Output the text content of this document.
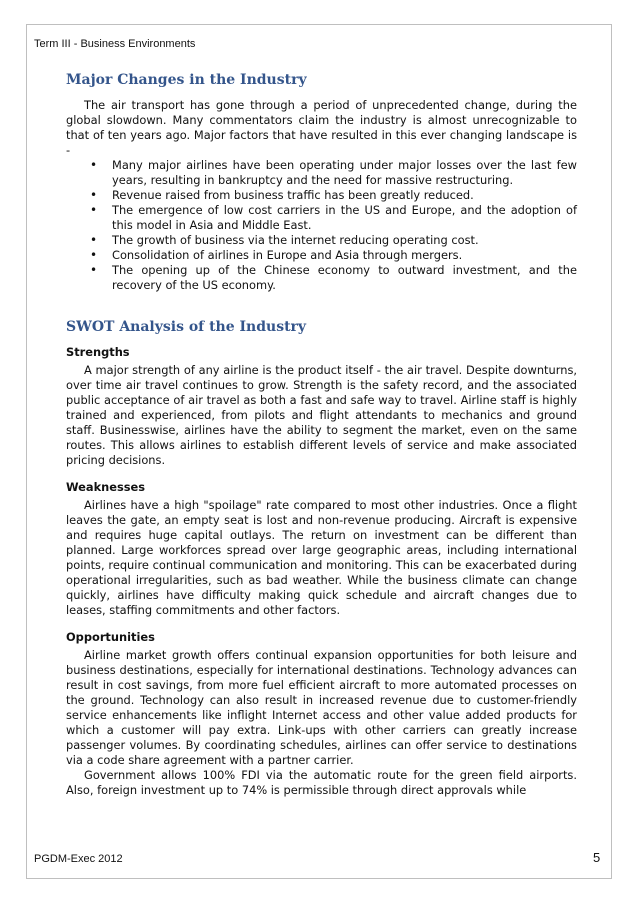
Term III - Business Environments
Major Changes in the Industry

The air transport has gone through a period of unprecedented change, during the global slowdown. Many commentators claim the industry is almost unrecognizable to that of ten years ago. Major factors that have resulted in this ever changing landscape is -

• Many major airlines have been operating under major losses over the last few years, resulting in bankruptcy and the need for massive restructuring.
• Revenue raised from business traffic has been greatly reduced.
• The emergence of low cost carriers in the US and Europe, and the adoption of this model in Asia and Middle East.
• The growth of business via the internet reducing operating cost.
• Consolidation of airlines in Europe and Asia through mergers.
• The opening up of the Chinese economy to outward investment, and the recovery of the US economy.
SWOT Analysis of the Industry

Strengths

A major strength of any airline is the product itself - the air travel. Despite downturns, over time air travel continues to grow. Strength is the safety record, and the associated public acceptance of air travel as both a fast and safe way to travel. Airline staff is highly trained and experienced, from pilots and flight attendants to mechanics and ground staff. Businesswise, airlines have the ability to segment the market, even on the same routes. This allows airlines to establish different levels of service and make associated pricing decisions.

Weaknesses

Airlines have a high "spoilage" rate compared to most other industries. Once a flight leaves the gate, an empty seat is lost and non-revenue producing. Aircraft is expensive and requires huge capital outlays. The return on investment can be different than planned. Large workforces spread over large geographic areas, including international points, require continual communication and monitoring. This can be exacerbated during operational irregularities, such as bad weather. While the business climate can change quickly, airlines have difficulty making quick schedule and aircraft changes due to leases, staffing commitments and other factors.

Opportunities

Airline market growth offers continual expansion opportunities for both leisure and business destinations, especially for international destinations. Technology advances can result in cost savings, from more fuel efficient aircraft to more automated processes on the ground. Technology can also result in increased revenue due to customer-friendly service enhancements like inflight Internet access and other value added products for which a customer will pay extra. Link-ups with other carriers can greatly increase passenger volumes. By coordinating schedules, airlines can offer service to destinations via a code share agreement with a partner carrier.

Government allows 100% FDI via the automatic route for the green field airports. Also, foreign investment up to 74% is permissible through direct approvals while

PGDM-Exec 2012	5
